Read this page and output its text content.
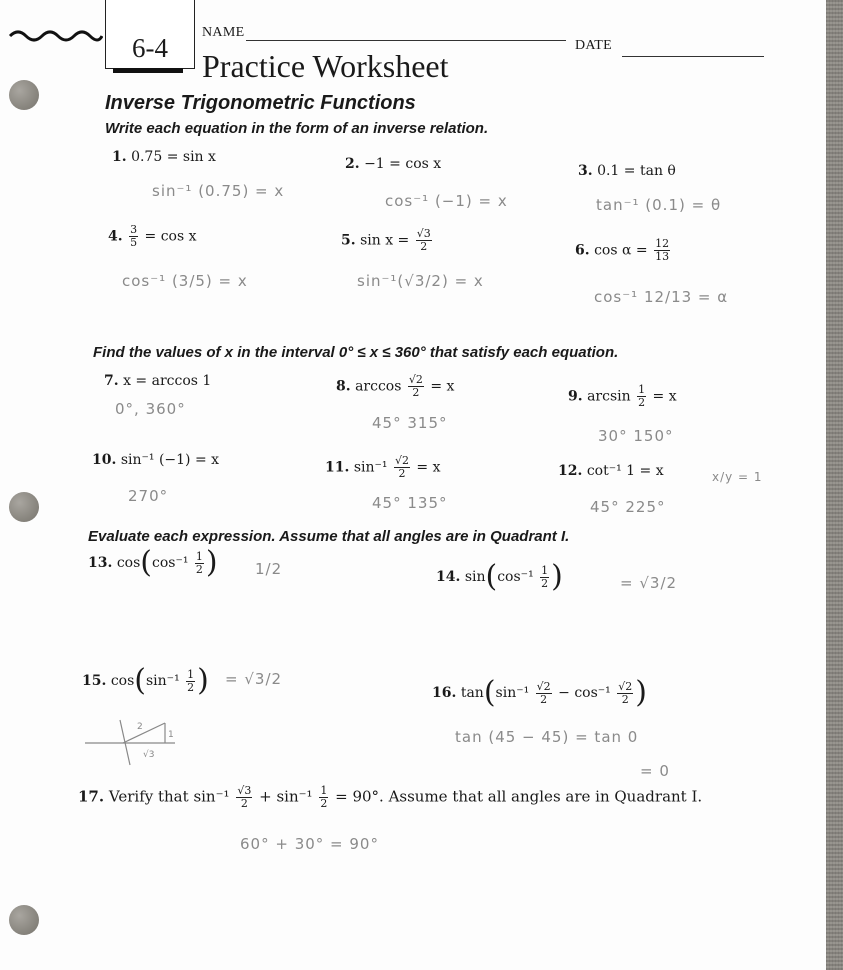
6-4
NAME
DATE
Practice Worksheet
Inverse Trigonometric Functions
Write each equation in the form of an inverse relation.
1. 0.75 = sin x
sin⁻¹ (0.75) = x
2. −1 = cos x
cos⁻¹ (−1) = x
3. 0.1 = tan θ
tan⁻¹ (0.1) = θ
4. $\frac{3}{5} = \cos x$
cos⁻¹ (3/5) = x
5. $\sin x = \frac{√3}{2}$
sin⁻¹(√3/2) = x
6. $\cos \alpha = \frac{12}{13}$
cos⁻¹ 12/13 = α
Find the values of x in the interval 0° ≤ x ≤ 360° that satisfy each equation.
7. x = arccos 1
0°, 360°
8. $\arccos \frac{√2}{2} = x$
45° 315°
9. $\arcsin \frac{1}{2} = x$
30° 150°
10. sin⁻¹ (−1) = x
270°
11. $\sin^{-1} \frac{√2}{2} = x$
45° 135°
12. cot⁻¹ 1 = x
45° 225°
x/y = 1
Evaluate each expression. Assume that all angles are in Quadrant I.
13. $\cos(\cos^{-1} \frac{1}{2}$ ) 1/2	14. $\sin(\cos^{-1} \frac{1}{2}$ )	= √3/2
15. $\cos(\sin^{-1} \frac{1}{2}$ ) = √3/2
2
1
√3
16. $\tan(\sin^{-1} \frac{√2}{2} - \cos^{-1} \frac{√2}{2}$ )
tan (45 − 45) = tan 0
= 0
17. Verify that $\sin^{-1} \frac{√3}{2} + \sin^{-1} \frac{1}{2} = 90^\circ$. Assume that all angles are in Quadrant I.
60° + 30° = 90°
